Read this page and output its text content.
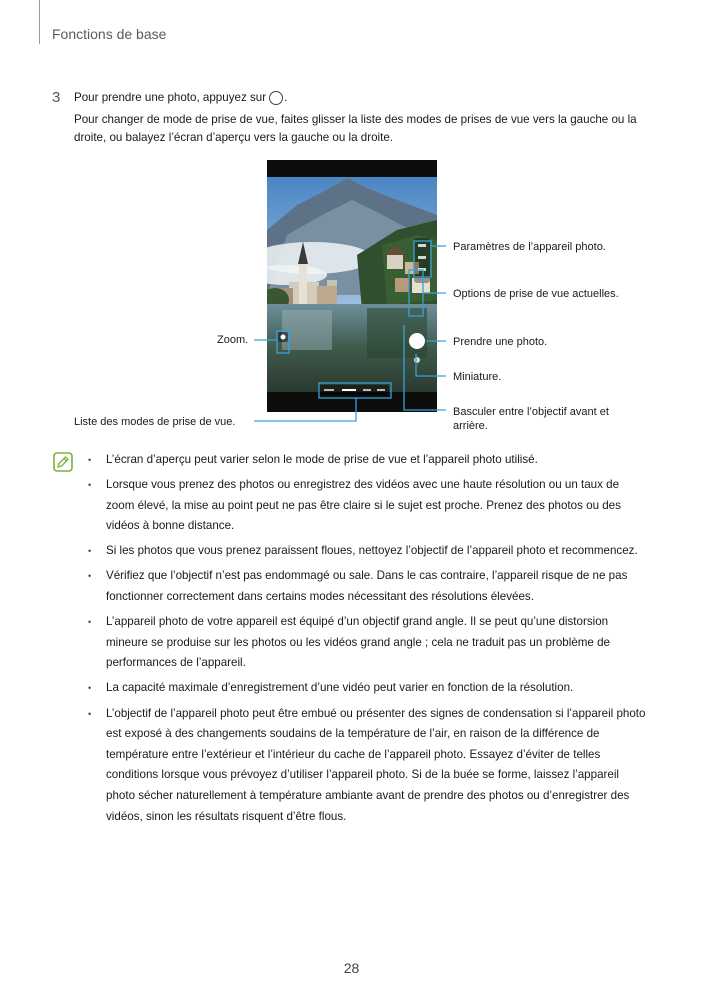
Fonctions de base
3 Pour prendre une photo, appuyez sur .
Pour changer de mode de prise de vue, faites glisser la liste des modes de prises de vue vers la gauche ou la droite, ou balayez l’écran d’aperçu vers la gauche ou la droite.
Paramètres de l’appareil photo.
Options de prise de vue actuelles.
Prendre une photo.
Miniature.
Basculer entre l’objectif avant et
arrière.
Zoom.
Liste des modes de prise de vue.
• L’écran d’aperçu peut varier selon le mode de prise de vue et l’appareil photo utilisé.
• Lorsque vous prenez des photos ou enregistrez des vidéos avec une haute résolution ou un taux de zoom élevé, la mise au point peut ne pas être claire si le sujet est proche. Prenez des photos ou des vidéos à bonne distance.
• Si les photos que vous prenez paraissent floues, nettoyez l’objectif de l’appareil photo et recommencez.
• Vérifiez que l’objectif n’est pas endommagé ou sale. Dans le cas contraire, l’appareil risque de ne pas fonctionner correctement dans certains modes nécessitant des résolutions élevées.
• L’appareil photo de votre appareil est équipé d’un objectif grand angle. Il se peut qu’une distorsion mineure se produise sur les photos ou les vidéos grand angle ; cela ne traduit pas un problème de performances de l’appareil.
• La capacité maximale d’enregistrement d’une vidéo peut varier en fonction de la résolution.
• L’objectif de l’appareil photo peut être embué ou présenter des signes de condensation si l’appareil photo est exposé à des changements soudains de la température de l’air, en raison de la différence de température entre l’extérieur et l’intérieur du cache de l’appareil photo. Essayez d’éviter de telles conditions lorsque vous prévoyez d’utiliser l’appareil photo. Si de la buée se forme, laissez l’appareil photo sécher naturellement à température ambiante avant de prendre des photos ou d’enregistrer des vidéos, sinon les résultats risquent d’être flous.
28
